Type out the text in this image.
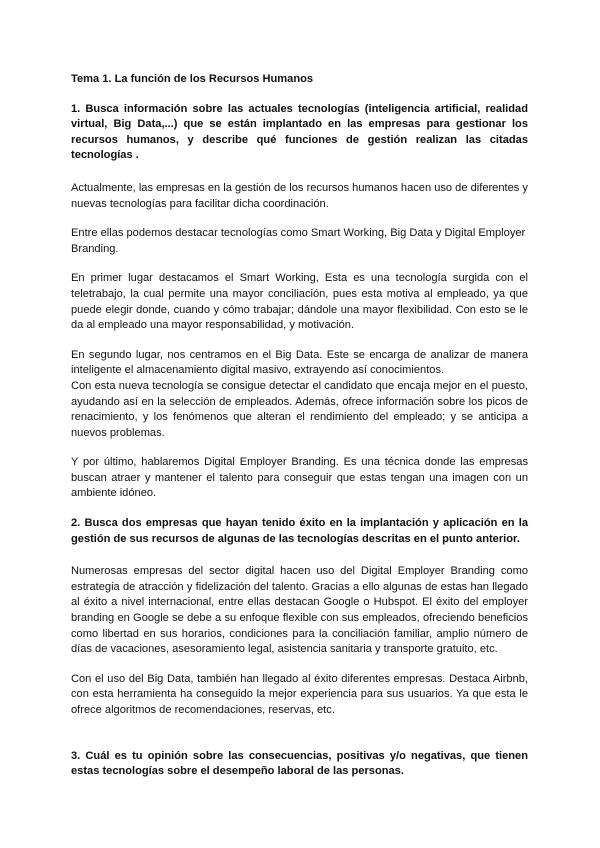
Tema 1. La función de los Recursos Humanos
1. Busca información sobre las actuales tecnologías (inteligencia artificial, realidad virtual, Big Data,...) que se están implantado en las empresas para gestionar los recursos humanos, y describe qué funciones de gestión realizan las citadas tecnologías .
Actualmente, las empresas en la gestión de los recursos humanos hacen uso de diferentes y nuevas tecnologías para facilitar dicha coordinación.
Entre ellas podemos destacar tecnologías como Smart Working, Big Data y Digital Employer Branding.
En primer lugar destacamos el Smart Working, Esta es una tecnología surgida con el teletrabajo, la cual permite una mayor conciliación, pues esta motiva al empleado, ya que puede elegir donde, cuando y cómo trabajar; dándole una mayor flexibilidad. Con esto se le da al empleado una mayor responsabilidad, y motivación.
En segundo lugar, nos centramos en el Big Data. Este se encarga de analizar de manera inteligente el almacenamiento digital masivo, extrayendo así conocimientos.
Con esta nueva tecnología se consigue detectar el candidato que encaja mejor en el puesto, ayudando así en la selección de empleados. Además, ofrece información sobre los picos de renacimiento, y los fenómenos que alteran el rendimiento del empleado; y se anticipa a nuevos problemas.
Y por último, hablaremos Digital Employer Branding. Es una técnica donde las empresas buscan atraer y mantener el talento para conseguir que estas tengan una imagen con un ambiente idóneo.
2. Busca dos empresas que hayan tenido éxito en la implantación y aplicación en la gestión de sus recursos de algunas de las tecnologías descritas en el punto anterior.
Numerosas empresas del sector digital hacen uso del Digital Employer Branding como estrategia de atracción y fidelización del talento. Gracias a ello algunas de estas han llegado al éxito a nivel internacional, entre ellas destacan Google o Hubspot. El éxito del employer branding en Google se debe a su enfoque flexible con sus empleados, ofreciendo beneficios como libertad en sus horarios, condiciones para la conciliación familiar, amplio número de días de vacaciones, asesoramiento legal, asistencia sanitaria y transporte gratuito, etc.
Con el uso del Big Data, también han llegado al éxito diferentes empresas. Destaca Airbnb, con esta herramienta ha conseguido la mejor experiencia para sus usuarios. Ya que esta le ofrece algoritmos de recomendaciones, reservas, etc.
3. Cuál es tu opinión sobre las consecuencias, positivas y/o negativas, que tienen estas tecnologías sobre el desempeño laboral de las personas.
